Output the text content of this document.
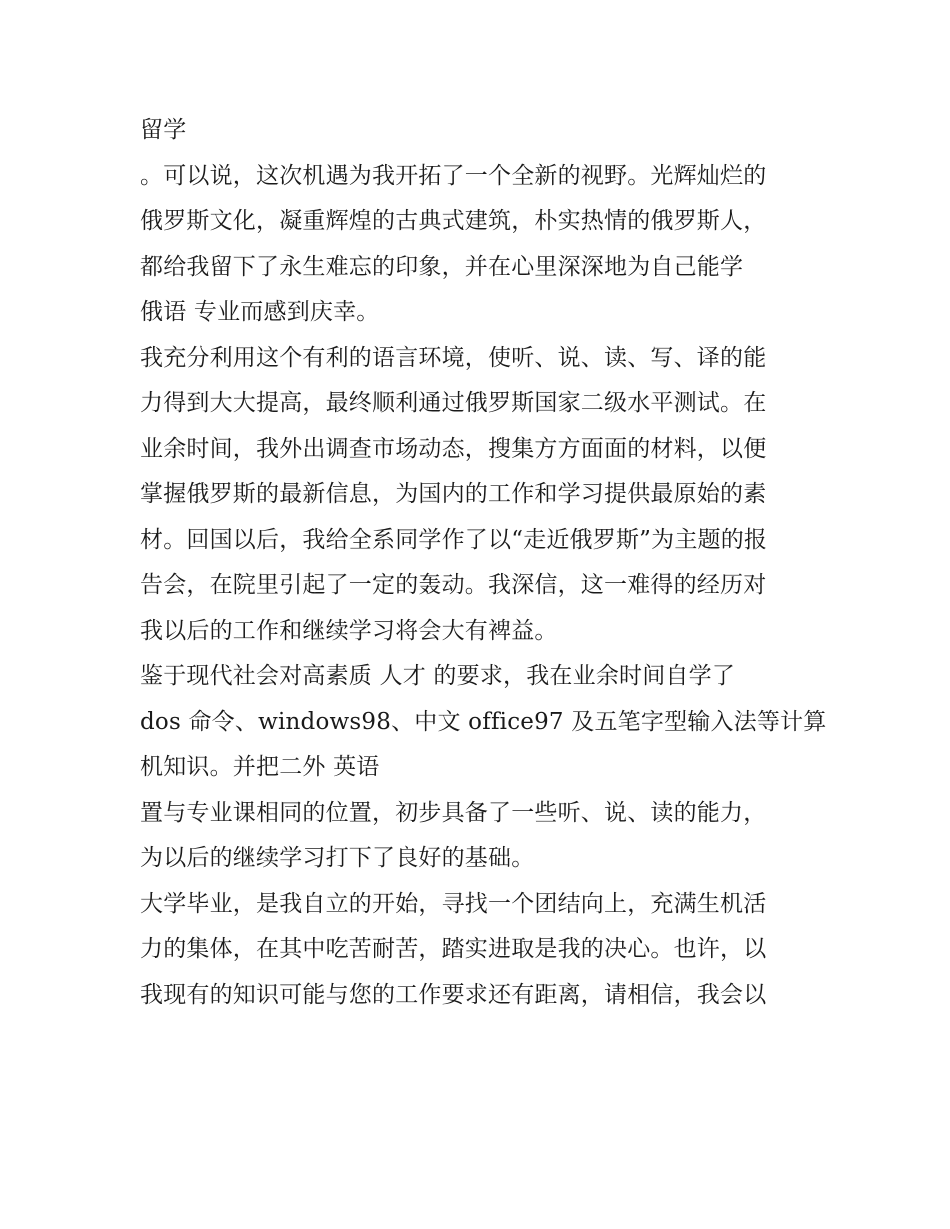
留学
。可以说，这次机遇为我开拓了一个全新的视野。光辉灿烂的
俄罗斯文化，凝重辉煌的古典式建筑，朴实热情的俄罗斯人，
都给我留下了永生难忘的印象，并在心里深深地为自己能学
俄语 专业而感到庆幸。
我充分利用这个有利的语言环境，使听、说、读、写、译的能
力得到大大提高，最终顺利通过俄罗斯国家二级水平测试。在
业余时间，我外出调查市场动态，搜集方方面面的材料，以便
掌握俄罗斯的最新信息，为国内的工作和学习提供最原始的素
材。回国以后，我给全系同学作了以“走近俄罗斯”为主题的报
告会，在院里引起了一定的轰动。我深信，这一难得的经历对
我以后的工作和继续学习将会大有裨益。
鉴于现代社会对高素质 人才 的要求，我在业余时间自学了
dos 命令、windows98、中文 office97 及五笔字型输入法等计算
机知识。并把二外 英语
置与专业课相同的位置，初步具备了一些听、说、读的能力，
为以后的继续学习打下了良好的基础。
大学毕业，是我自立的开始，寻找一个团结向上，充满生机活
力的集体，在其中吃苦耐苦，踏实进取是我的决心。也许，以
我现有的知识可能与您的工作要求还有距离，请相信，我会以
